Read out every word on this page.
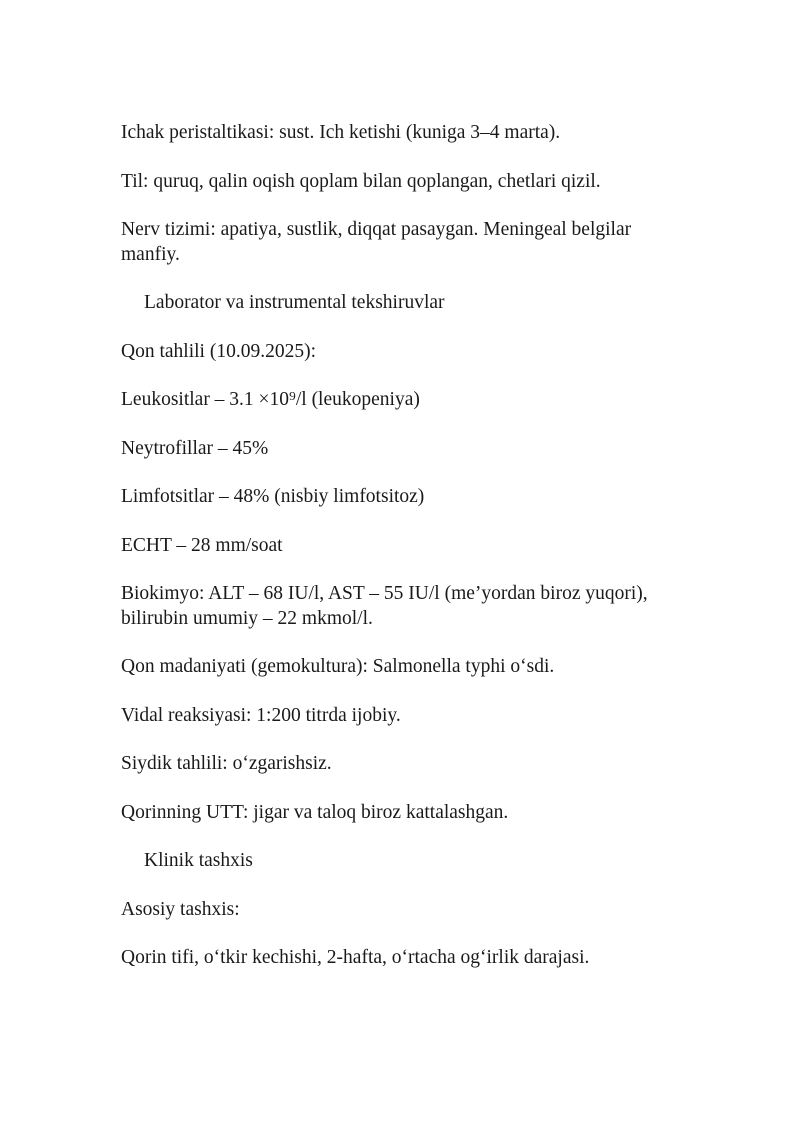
Ichak peristaltikasi: sust. Ich ketishi (kuniga 3–4 marta).

Til: quruq, qalin oqish qoplam bilan qoplangan, chetlari qizil.

Nerv tizimi: apatiya, sustlik, diqqat pasaygan. Meningeal belgilar manfiy.

Laborator va instrumental tekshiruvlar

Qon tahlili (10.09.2025):

Leukositlar – 3.1 ×10⁹/l (leukopeniya)

Neytrofillar – 45%

Limfotsitlar – 48% (nisbiy limfotsitoz)

ECHT – 28 mm/soat

Biokimyo: ALT – 68 IU/l, AST – 55 IU/l (me’yordan biroz yuqori), bilirubin umumiy – 22 mkmol/l.

Qon madaniyati (gemokultura): Salmonella typhi o‘sdi.

Vidal reaksiyasi: 1:200 titrda ijobiy.

Siydik tahlili: o‘zgarishsiz.

Qorinning UTT: jigar va taloq biroz kattalashgan.

Klinik tashxis

Asosiy tashxis:

Qorin tifi, o‘tkir kechishi, 2-hafta, o‘rtacha og‘irlik darajasi.
